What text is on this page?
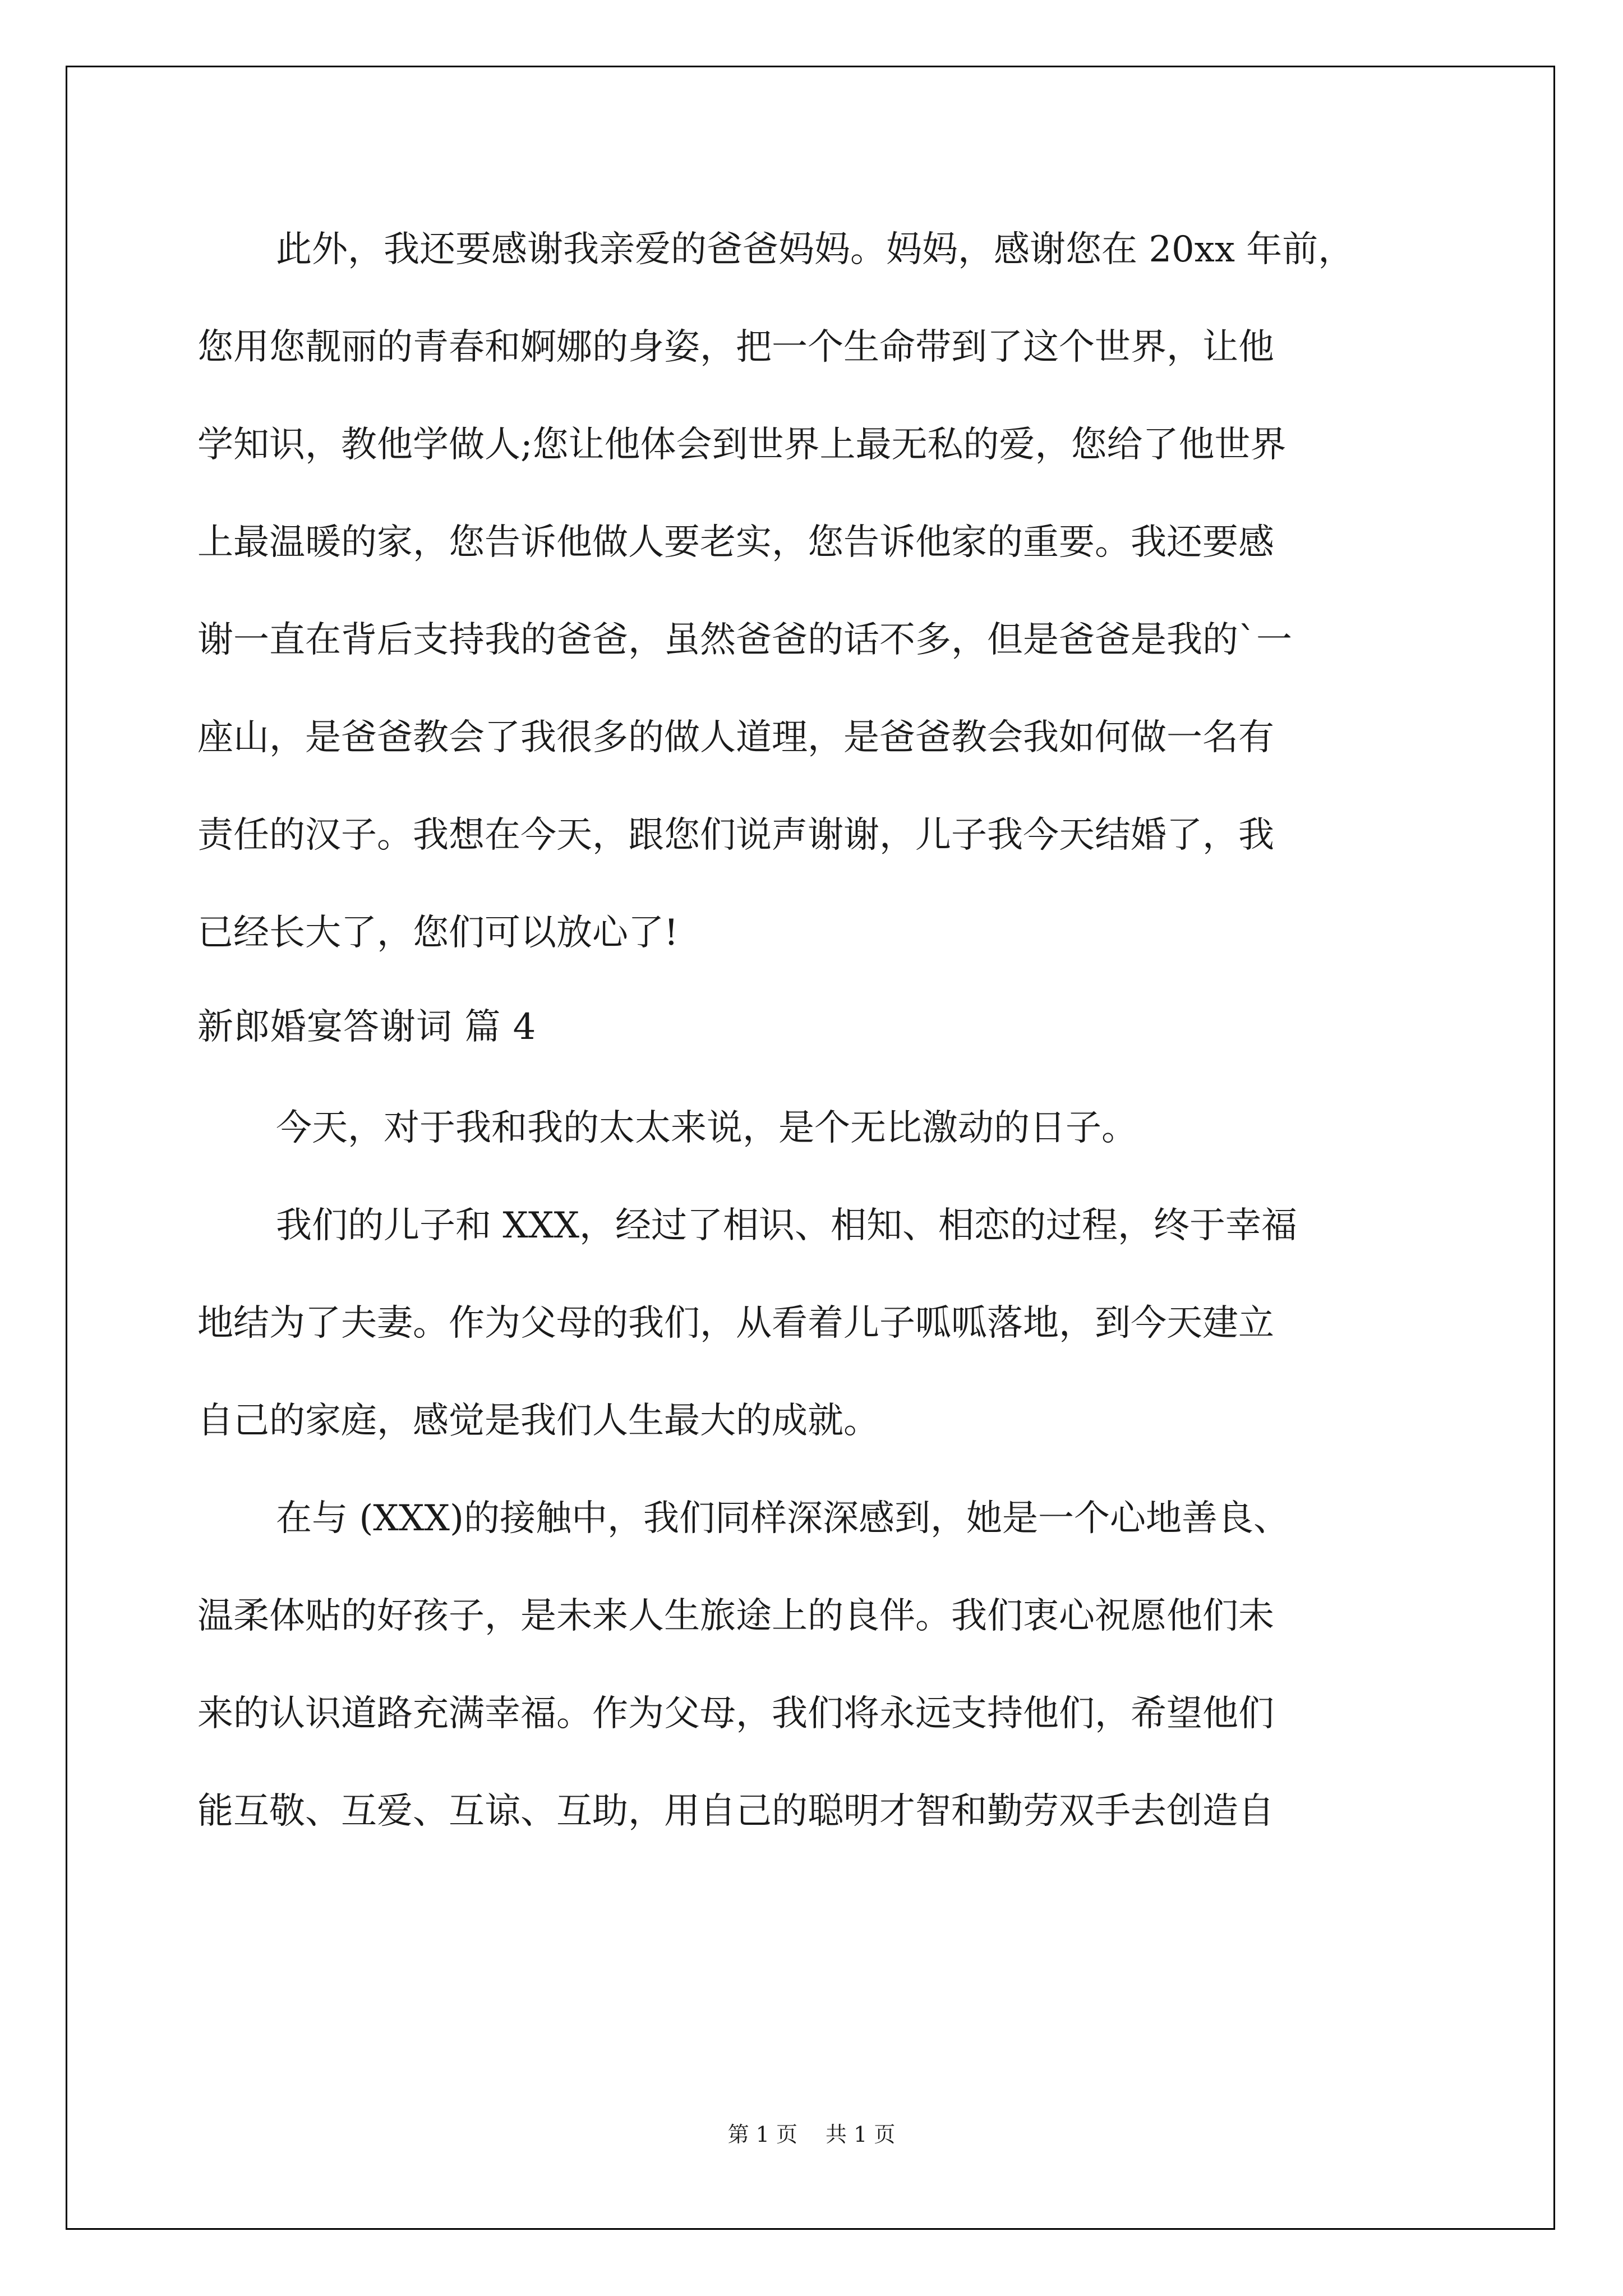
此外，我还要感谢我亲爱的爸爸妈妈。妈妈，感谢您在 20xx 年前，
您用您靓丽的青春和婀娜的身姿，把一个生命带到了这个世界，让他
学知识，教他学做人;您让他体会到世界上最无私的爱，您给了他世界
上最温暖的家，您告诉他做人要老实，您告诉他家的重要。我还要感
谢一直在背后支持我的爸爸，虽然爸爸的话不多，但是爸爸是我的`一
座山，是爸爸教会了我很多的做人道理，是爸爸教会我如何做一名有
责任的汉子。我想在今天，跟您们说声谢谢，儿子我今天结婚了，我
已经长大了，您们可以放心了!
新郎婚宴答谢词 篇 4
今天，对于我和我的太太来说，是个无比激动的日子。
我们的儿子和 XXX，经过了相识、相知、相恋的过程，终于幸福
地结为了夫妻。作为父母的我们，从看着儿子呱呱落地，到今天建立
自己的家庭，感觉是我们人生最大的成就。
在与 (XXX)的接触中，我们同样深深感到，她是一个心地善良、
温柔体贴的好孩子，是未来人生旅途上的良伴。我们衷心祝愿他们未
来的认识道路充满幸福。作为父母，我们将永远支持他们，希望他们
能互敬、互爱、互谅、互助，用自己的聪明才智和勤劳双手去创造自
第 1 页 共 1 页
